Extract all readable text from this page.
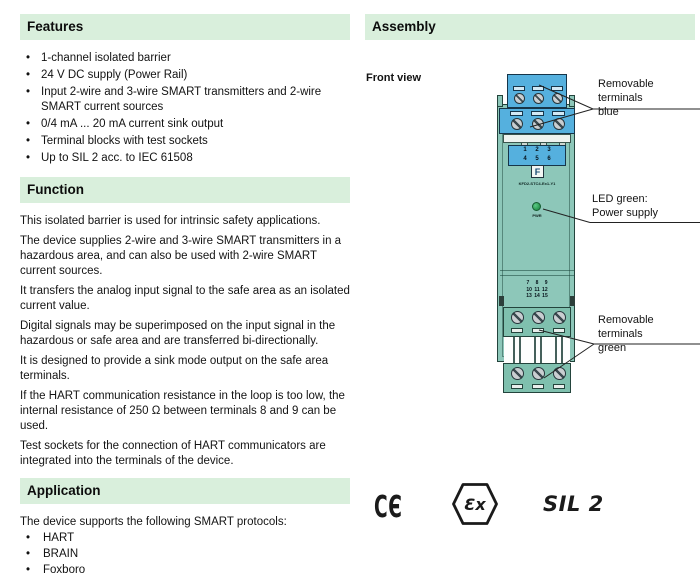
Features
• 1-channel isolated barrier
• 24 V DC supply (Power Rail)
• Input 2-wire and 3-wire SMART transmitters and 2-wire SMART current sources
• 0/4 mA ... 20 mA current sink output
• Terminal blocks with test sockets
• Up to SIL 2 acc. to IEC 61508
Function

This isolated barrier is used for intrinsic safety applications.

The device supplies 2-wire and 3-wire SMART transmitters in a hazardous area, and can also be used with 2-wire SMART current sources.

It transfers the analog input signal to the safe area as an isolated current value.

Digital signals may be superimposed on the input signal in the hazardous or safe area and are transferred bi-directionally.

It is designed to provide a sink mode output on the safe area terminals.

If the HART communication resistance in the loop is too low, the internal resistance of 250 Ω between terminals 8 and 9 can be used.

Test sockets for the connection of HART communicators are integrated into the terminals of the device.

Application

The device supports the following SMART protocols:

• HART
• BRAIN
• Foxboro
Assembly
Front view
1 2 3
4 5 6
F
KFD2-STC4-Ex1-Y1
PWR
7 8 9
10 11 12
13 14 15
Removable terminals
blue
LED green:
Power supply
Removable terminals
green
CЄ	Ɛx	SIL 2
